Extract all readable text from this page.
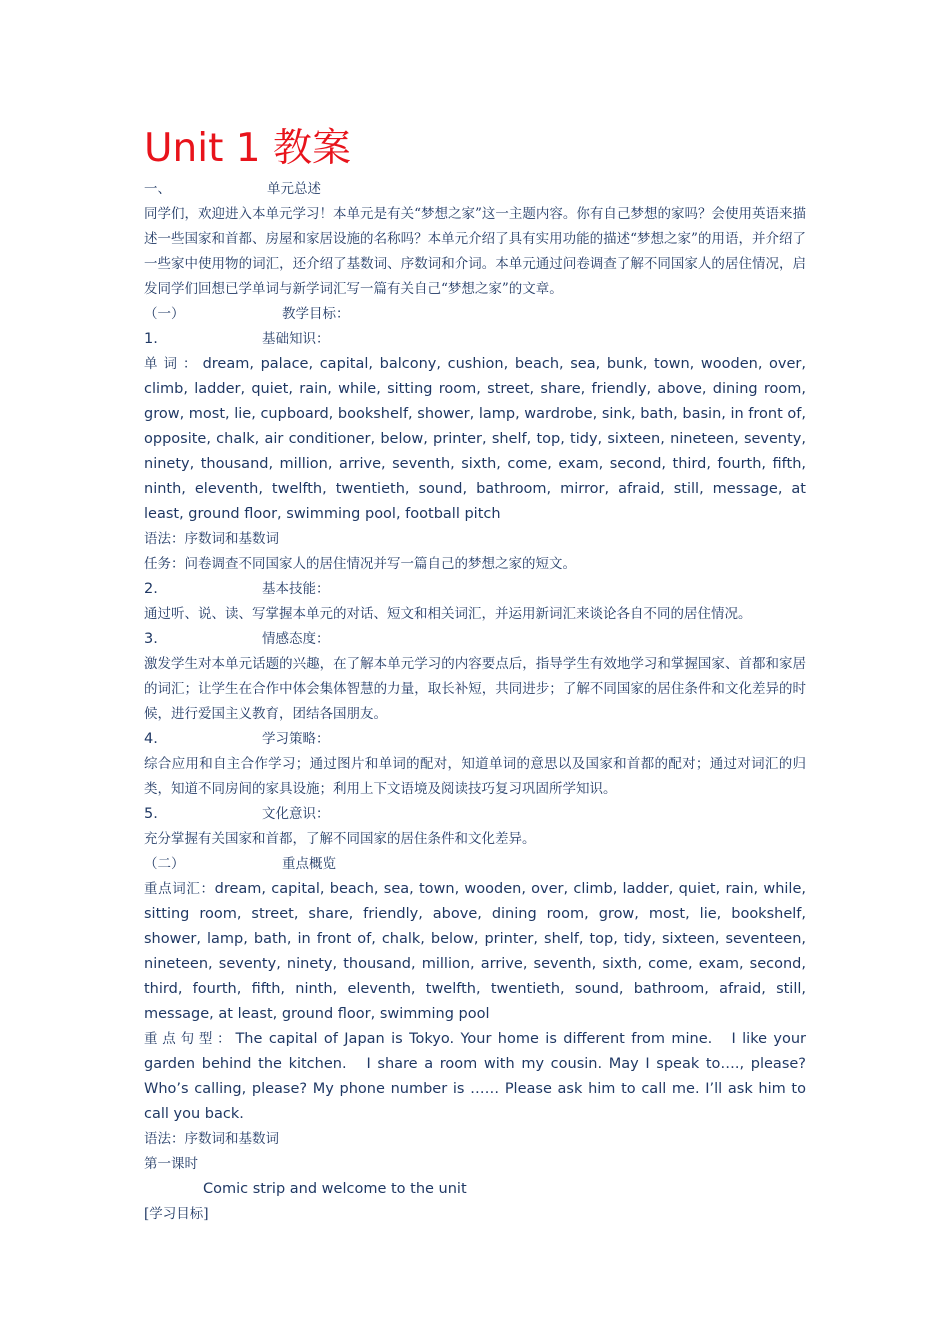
Unit 1 教案

一、	单元总述

同学们，欢迎进入本单元学习！本单元是有关“梦想之家”这一主题内容。你有自己梦想的家吗？会使用英语来描述一些国家和首都、房屋和家居设施的名称吗？本单元介绍了具有实用功能的描述“梦想之家”的用语，并介绍了一些家中使用物的词汇，还介绍了基数词、序数词和介词。本单元通过问卷调查了解不同国家人的居住情况，启发同学们回想已学单词与新学词汇写一篇有关自己“梦想之家”的文章。

（一）	教学目标：

1.	基础知识：

单词：dream, palace, capital, balcony, cushion, beach, sea, bunk, town, wooden, over, climb, ladder, quiet, rain, while, sitting room, street, share, friendly, above, dining room, grow, most, lie, cupboard, bookshelf, shower, lamp, wardrobe, sink, bath, basin, in front of, opposite, chalk, air conditioner, below, printer, shelf, top, tidy, sixteen, nineteen, seventy, ninety, thousand, million, arrive, seventh, sixth, come, exam, second, third, fourth, fifth, ninth, eleventh, twelfth, twentieth, sound, bathroom, mirror, afraid, still, message, at least, ground floor, swimming pool, football pitch

语法：序数词和基数词

任务：问卷调查不同国家人的居住情况并写一篇自己的梦想之家的短文。

2.	基本技能：

通过听、说、读、写掌握本单元的对话、短文和相关词汇，并运用新词汇来谈论各自不同的居住情况。

3.	情感态度：

激发学生对本单元话题的兴趣，在了解本单元学习的内容要点后，指导学生有效地学习和掌握国家、首都和家居的词汇；让学生在合作中体会集体智慧的力量，取长补短，共同进步；了解不同国家的居住条件和文化差异的时候，进行爱国主义教育，团结各国朋友。

4.	学习策略：

综合应用和自主合作学习；通过图片和单词的配对，知道单词的意思以及国家和首都的配对；通过对词汇的归类，知道不同房间的家具设施；利用上下文语境及阅读技巧复习巩固所学知识。

5.	文化意识：

充分掌握有关国家和首都，了解不同国家的居住条件和文化差异。

（二）	重点概览

重点词汇：dream, capital, beach, sea, town, wooden, over, climb, ladder, quiet, rain, while, sitting room, street, share, friendly, above, dining room, grow, most, lie, bookshelf, shower, lamp, bath, in front of, chalk, below, printer, shelf, top, tidy, sixteen, seventeen, nineteen, seventy, ninety, thousand, million, arrive, seventh, sixth, come, exam, second, third, fourth, fifth, ninth, eleventh, twelfth, twentieth, sound, bathroom, afraid, still, message, at least, ground floor, swimming pool

重点句型：The capital of Japan is Tokyo. Your home is different from mine.   I like your garden behind the kitchen.   I share a room with my cousin. May I speak to…., please? Who’s calling, please? My phone number is …… Please ask him to call me. I’ll ask him to call you back.

语法：序数词和基数词

第一课时

Comic strip and welcome to the unit

[学习目标]
